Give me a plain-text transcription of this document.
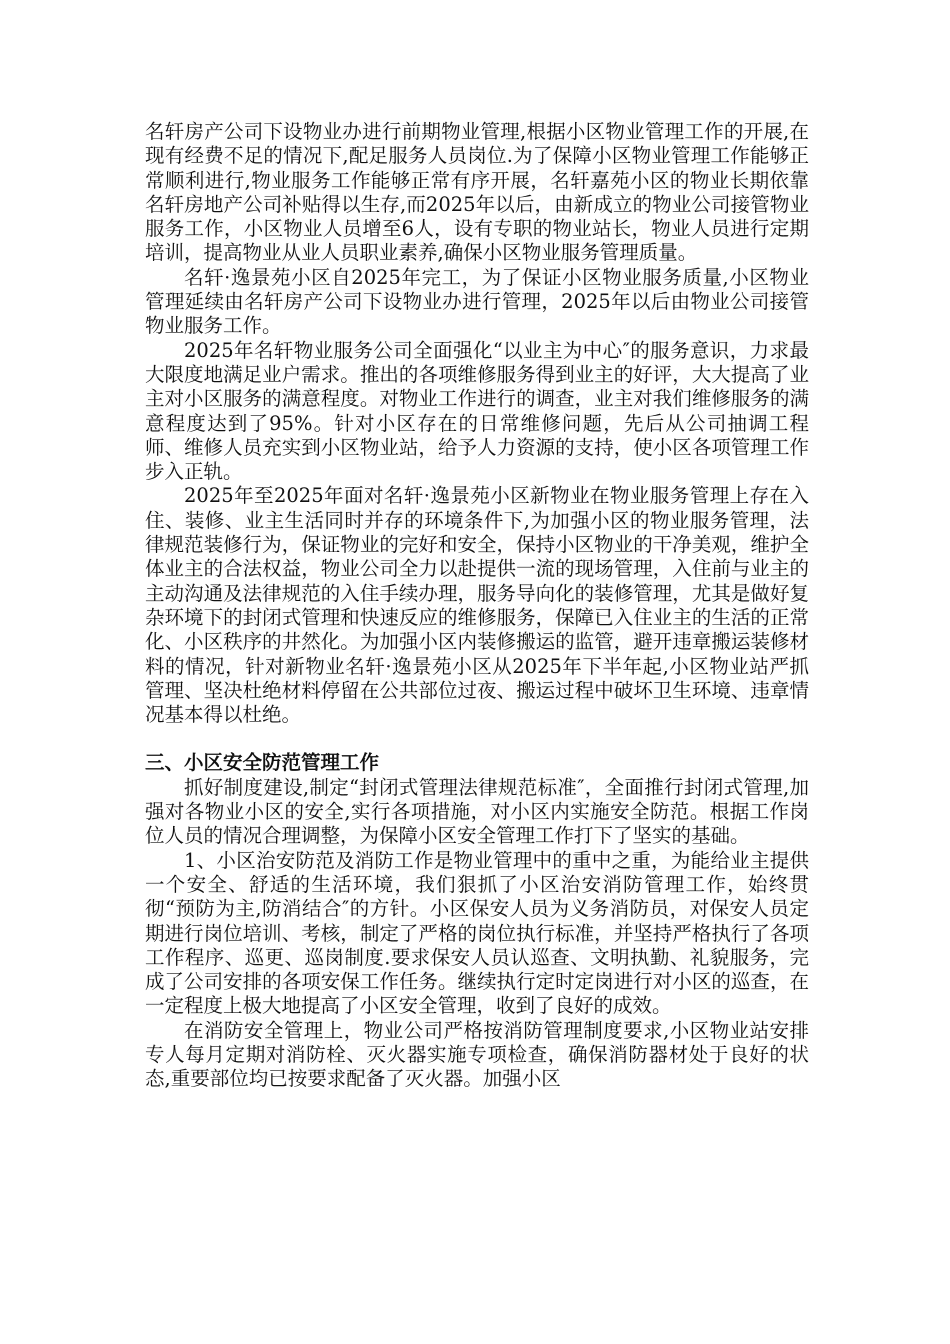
名轩房产公司下设物业办进行前期物业管理,根据小区物业管理工作的开展,在现有经费不足的情况下,配足服务人员岗位.为了保障小区物业管理工作能够正常顺利进行,物业服务工作能够正常有序开展，名轩嘉苑小区的物业长期依靠名轩房地产公司补贴得以生存,而2025年以后，由新成立的物业公司接管物业服务工作，小区物业人员增至6人，设有专职的物业站长，物业人员进行定期培训，提高物业从业人员职业素养,确保小区物业服务管理质量。

名轩·逸景苑小区自2025年完工，为了保证小区物业服务质量,小区物业管理延续由名轩房产公司下设物业办进行管理，2025年以后由物业公司接管物业服务工作。

2025年名轩物业服务公司全面强化“以业主为中心″的服务意识，力求最大限度地满足业户需求。推出的各项维修服务得到业主的好评，大大提高了业主对小区服务的满意程度。对物业工作进行的调查，业主对我们维修服务的满意程度达到了95%。针对小区存在的日常维修问题，先后从公司抽调工程师、维修人员充实到小区物业站，给予人力资源的支持，使小区各项管理工作步入正轨。

2025年至2025年面对名轩·逸景苑小区新物业在物业服务管理上存在入住、装修、业主生活同时并存的环境条件下,为加强小区的物业服务管理，法律规范装修行为，保证物业的完好和安全，保持小区物业的干净美观，维护全体业主的合法权益，物业公司全力以赴提供一流的现场管理，入住前与业主的主动沟通及法律规范的入住手续办理，服务导向化的装修管理，尤其是做好复杂环境下的封闭式管理和快速反应的维修服务，保障已入住业主的生活的正常化、小区秩序的井然化。为加强小区内装修搬运的监管，避开违章搬运装修材料的情况，针对新物业名轩·逸景苑小区从2025年下半年起,小区物业站严抓管理、坚决杜绝材料停留在公共部位过夜、搬运过程中破坏卫生环境、违章情况基本得以杜绝。

三、小区安全防范管理工作

抓好制度建设,制定“封闭式管理法律规范标准″，全面推行封闭式管理,加强对各物业小区的安全,实行各项措施，对小区内实施安全防范。根据工作岗位人员的情况合理调整，为保障小区安全管理工作打下了坚实的基础。

1、小区治安防范及消防工作是物业管理中的重中之重，为能给业主提供一个安全、舒适的生活环境，我们狠抓了小区治安消防管理工作，始终贯彻“预防为主,防消结合″的方针。小区保安人员为义务消防员，对保安人员定期进行岗位培训、考核，制定了严格的岗位执行标准，并坚持严格执行了各项工作程序、巡更、巡岗制度.要求保安人员认巡查、文明执勤、礼貌服务，完成了公司安排的各项安保工作任务。继续执行定时定岗进行对小区的巡查，在一定程度上极大地提高了小区安全管理，收到了良好的成效。

在消防安全管理上，物业公司严格按消防管理制度要求,小区物业站安排专人每月定期对消防栓、灭火器实施专项检查，确保消防器材处于良好的状态,重要部位均已按要求配备了灭火器。加强小区
